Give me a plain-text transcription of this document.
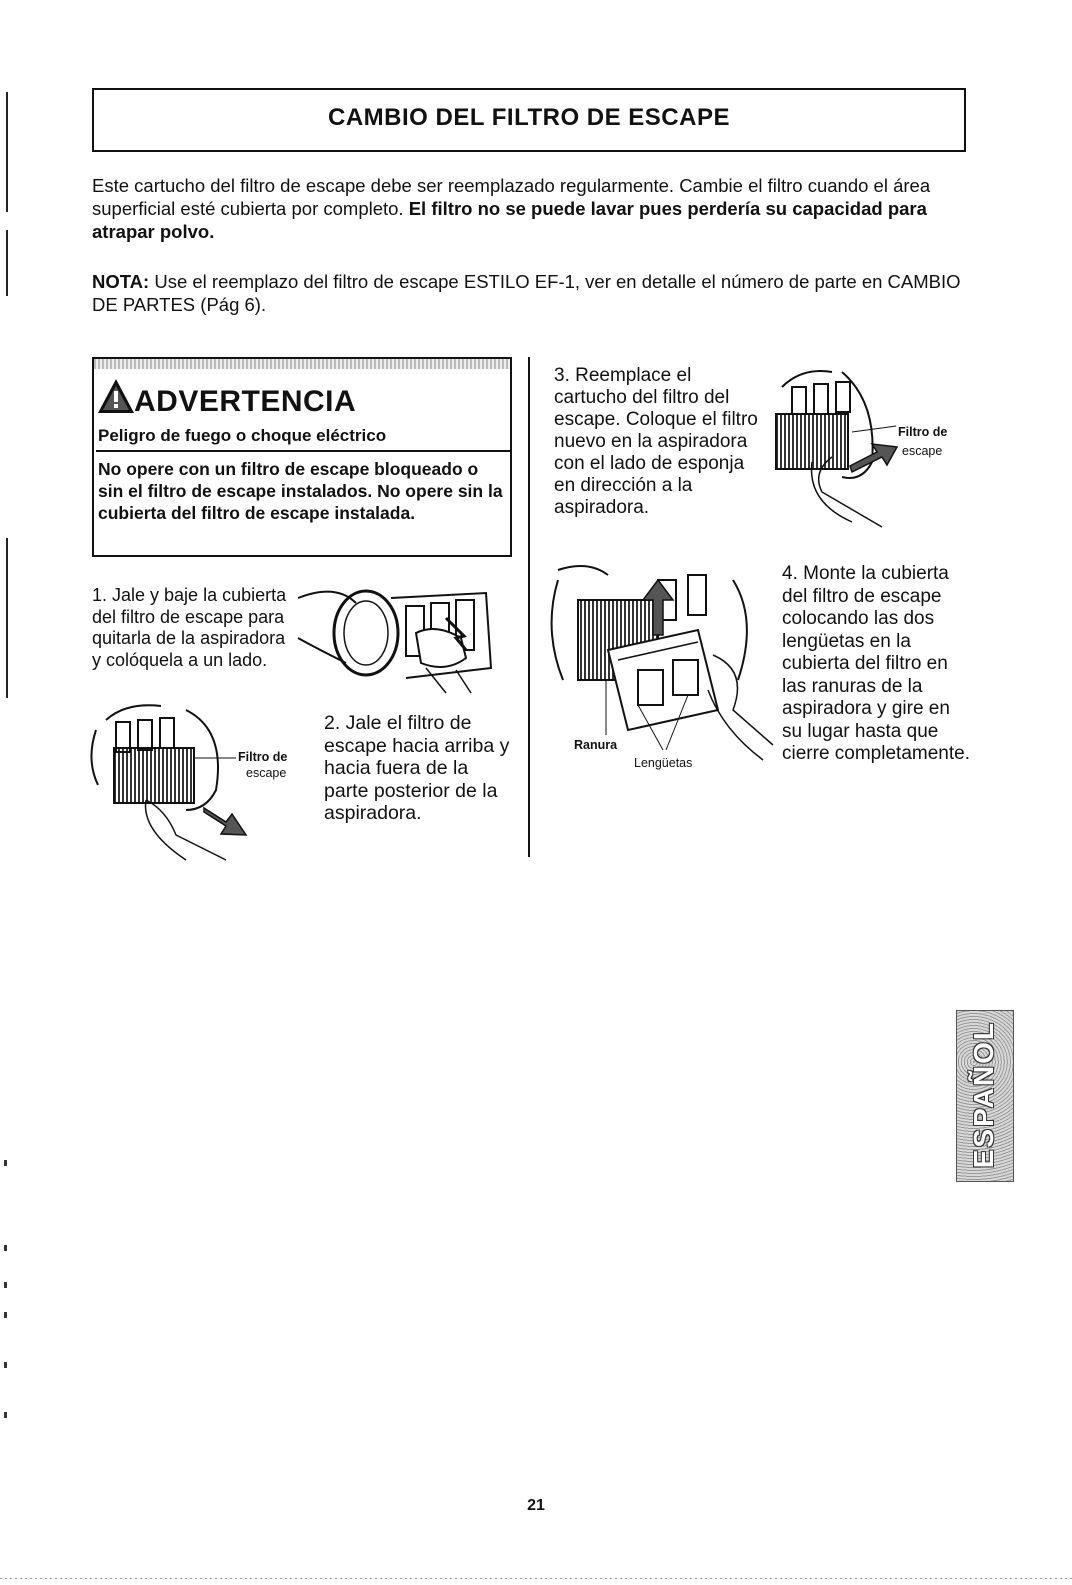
CAMBIO DEL FILTRO DE ESCAPE
Este cartucho del filtro de escape debe ser reemplazado regularmente. Cambie el filtro cuando el área superficial esté cubierta por completo. El filtro no se puede lavar pues perdería su capacidad para atrapar polvo.
NOTA: Use el reemplazo del filtro de escape ESTILO EF-1, ver en detalle el número de parte en CAMBIO DE PARTES (Pág 6).
ADVERTENCIA
Peligro de fuego o choque eléctrico
No opere con un filtro de escape bloqueado o sin el filtro de escape instalados. No opere sin la cubierta del filtro de escape instalada.
1. Jale y baje la cubierta del filtro de escape para quitarla de la aspiradora y colóquela a un lado.
2. Jale el filtro de escape hacia arriba y hacia fuera de la parte posterior de la aspiradora.
3. Reemplace el cartucho del filtro del escape. Coloque el filtro nuevo en la aspiradora con el lado de esponja en dirección a la aspiradora.
4. Monte la cubierta del filtro de escape colocando las dos lengüetas en la cubierta del filtro en las ranuras de la aspiradora y gire en su lugar hasta que cierre completamente.
Filtro de
escape
Filtro de
escape
Ranura
Lengüetas
ESPAÑOL
21
